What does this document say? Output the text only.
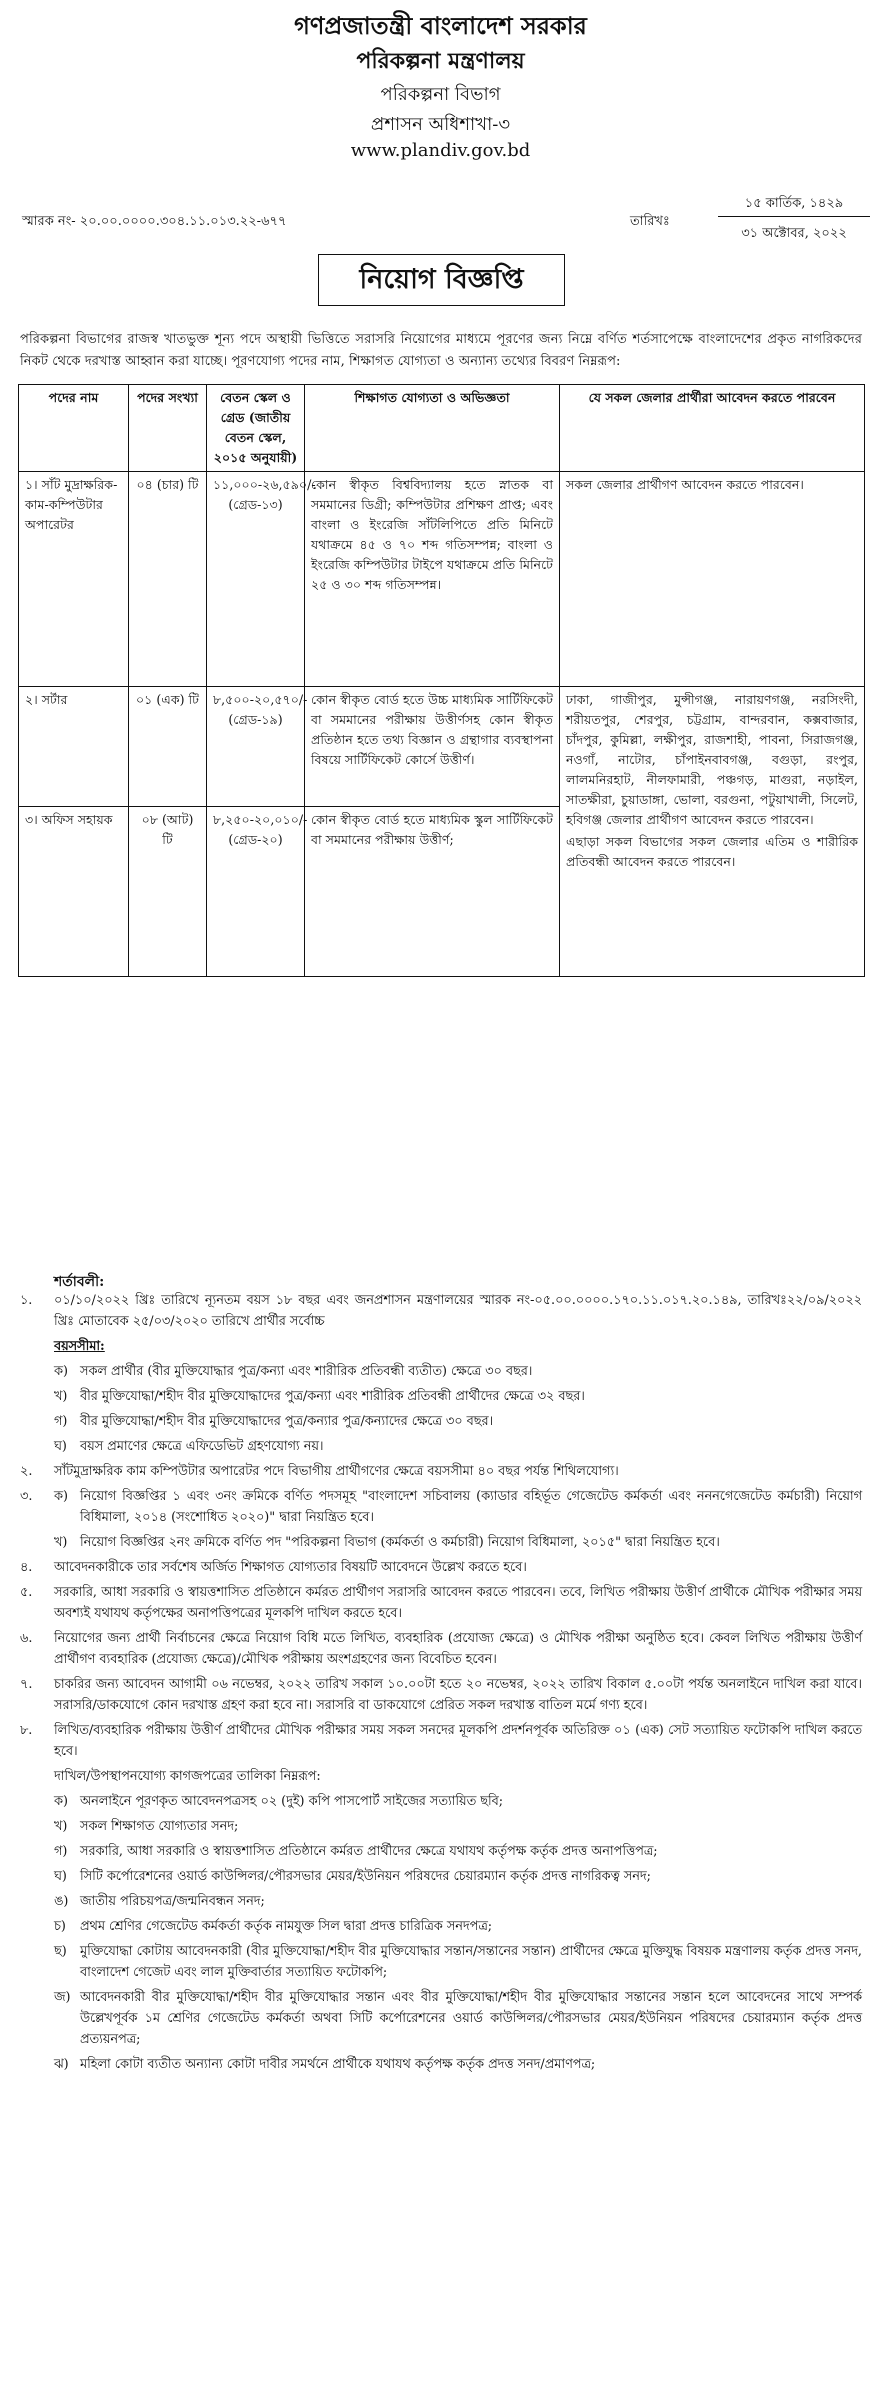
গণপ্রজাতন্ত্রী বাংলাদেশ সরকার

পরিকল্পনা মন্ত্রণালয়

পরিকল্পনা বিভাগ

প্রশাসন অধিশাখা-৩

www.plandiv.gov.bd

স্মারক নং- ২০.০০.০০০০.৩০৪.১১.০১৩.২২-৬৭৭	তারিখঃ
১৫ কার্তিক, ১৪২৯
৩১ অক্টোবর, ২০২২
নিয়োগ বিজ্ঞপ্তি

পরিকল্পনা বিভাগের রাজস্ব খাতভুক্ত শূন্য পদে অস্থায়ী ভিত্তিতে সরাসরি নিয়োগের মাধ্যমে পূরণের জন্য নিম্নে বর্ণিত শর্তসাপেক্ষে বাংলাদেশের প্রকৃত নাগরিকদের নিকট থেকে দরখাস্ত আহ্বান করা যাচ্ছে। পূরণযোগ্য পদের নাম, শিক্ষাগত যোগ্যতা ও অন্যান্য তথ্যের বিবরণ নিম্নরূপ:

পদের নাম	পদের সংখ্যা	বেতন স্কেল ও গ্রেড (জাতীয় বেতন স্কেল, ২০১৫ অনুযায়ী)	শিক্ষাগত যোগ্যতা ও অভিজ্ঞতা	যে সকল জেলার প্রার্থীরা আবেদন করতে পারবেন
১। সাঁট মুদ্রাক্ষরিক-কাম-কম্পিউটার অপারেটর	০৪ (চার) টি	১১,০০০-২৬,৫৯০/- (গ্রেড-১৩)	কোন স্বীকৃত বিশ্ববিদ্যালয় হতে স্নাতক বা সমমানের ডিগ্রী; কম্পিউটার প্রশিক্ষণ প্রাপ্ত; এবং বাংলা ও ইংরেজি সাঁটলিপিতে প্রতি মিনিটে যথাক্রমে ৪৫ ও ৭০ শব্দ গতিসম্পন্ন; বাংলা ও ইংরেজি কম্পিউটার টাইপে যথাক্রমে প্রতি মিনিটে ২৫ ও ৩০ শব্দ গতিসম্পন্ন।	সকল জেলার প্রার্থীগণ আবেদন করতে পারবেন।
২। সর্টার	০১ (এক) টি	৮,৫০০-২০,৫৭০/- (গ্রেড-১৯)	কোন স্বীকৃত বোর্ড হতে উচ্চ মাধ্যমিক সার্টিফিকেট বা সমমানের পরীক্ষায় উত্তীর্ণসহ কোন স্বীকৃত প্রতিষ্ঠান হতে তথ্য বিজ্ঞান ও গ্রন্থাগার ব্যবস্থাপনা বিষয়ে সার্টিফিকেট কোর্সে উত্তীর্ণ।	ঢাকা, গাজীপুর, মুন্সীগঞ্জ, নারায়ণগঞ্জ, নরসিংদী, শরীয়তপুর, শেরপুর, চট্টগ্রাম, বান্দরবান, কক্সবাজার, চাঁদপুর, কুমিল্লা, লক্ষীপুর, রাজশাহী, পাবনা, সিরাজগঞ্জ, নওগাঁ, নাটোর, চাঁপাইনবাবগঞ্জ, বগুড়া, রংপুর, লালমনিরহাট, নীলফামারী, পঞ্চগড়, মাগুরা, নড়াইল, সাতক্ষীরা, চুয়াডাঙ্গা, ভোলা, বরগুনা, পটুয়াখালী, সিলেট, হবিগঞ্জ জেলার প্রার্থীগণ আবেদন করতে পারবেন।
এছাড়া সকল বিভাগের সকল জেলার এতিম ও শারীরিক প্রতিবন্ধী আবেদন করতে পারবেন।

৩। অফিস সহায়ক	০৮ (আট) টি	৮,২৫০-২০,০১০/- (গ্রেড-২০)	কোন স্বীকৃত বোর্ড হতে মাধ্যমিক স্কুল সার্টিফিকেট বা সমমানের পরীক্ষায় উত্তীর্ণ;	
শর্তাবলী:
১.	০১/১০/২০২২ খ্রিঃ তারিখে ন্যূনতম বয়স ১৮ বছর এবং জনপ্রশাসন মন্ত্রণালয়ের স্মারক নং-০৫.০০.০০০০.১৭০.১১.০১৭.২০.১৪৯, তারিখঃ২২/০৯/২০২২ খ্রিঃ মোতাবেক ২৫/০৩/২০২০ তারিখে প্রার্থীর সর্বোচ্চ
বয়সসীমা:
ক) সকল প্রার্থীর (বীর মুক্তিযোদ্ধার পুত্র/কন্যা এবং শারীরিক প্রতিবন্ধী ব্যতীত) ক্ষেত্রে ৩০ বছর।
খ) বীর মুক্তিযোদ্ধা/শহীদ বীর মুক্তিযোদ্ধাদের পুত্র/কন্যা এবং শারীরিক প্রতিবন্ধী প্রার্থীদের ক্ষেত্রে ৩২ বছর।
গ) বীর মুক্তিযোদ্ধা/শহীদ বীর মুক্তিযোদ্ধাদের পুত্র/কন্যার পুত্র/কন্যাদের ক্ষেত্রে ৩০ বছর।
ঘ)	বয়স প্রমাণের ক্ষেত্রে এফিডেভিট গ্রহণযোগ্য নয়।
২.	সাঁটমুদ্রাক্ষরিক কাম কম্পিউটার অপারেটর পদে বিভাগীয় প্রার্থীগণের ক্ষেত্রে বয়সসীমা ৪০ বছর পর্যন্ত শিথিলযোগ্য।
৩.	ক) নিয়োগ বিজ্ঞপ্তির ১ এবং ৩নং ক্রমিকে বর্ণিত পদসমূহ "বাংলাদেশ সচিবালয় (ক্যাডার বহির্ভূত গেজেটেড কর্মকর্তা এবং নননগেজেটেড কর্মচারী) নিয়োগ বিধিমালা, ২০১৪ (সংশোধিত ২০২০)" দ্বারা নিয়ন্ত্রিত হবে।
খ) নিয়োগ বিজ্ঞপ্তির ২নং ক্রমিকে বর্ণিত পদ "পরিকল্পনা বিভাগ (কর্মকর্তা ও কর্মচারী) নিয়োগ বিধিমালা, ২০১৫" দ্বারা নিয়ন্ত্রিত হবে।
৪.	আবেদনকারীকে তার সর্বশেষ অর্জিত শিক্ষাগত যোগ্যতার বিষয়টি আবেদনে উল্লেখ করতে হবে।
৫.	সরকারি, আধা সরকারি ও স্বায়ত্তশাসিত প্রতিষ্ঠানে কর্মরত প্রার্থীগণ সরাসরি আবেদন করতে পারবেন। তবে, লিখিত পরীক্ষায় উত্তীর্ণ প্রার্থীকে মৌখিক পরীক্ষার সময় অবশ্যই যথাযথ কর্তৃপক্ষের অনাপত্তিপত্রের মূলকপি দাখিল করতে হবে।
৬.	নিয়োগের জন্য প্রার্থী নির্বাচনের ক্ষেত্রে নিয়োগ বিধি মতে লিখিত, ব্যবহারিক (প্রযোজ্য ক্ষেত্রে) ও মৌখিক পরীক্ষা অনুষ্ঠিত হবে। কেবল লিখিত পরীক্ষায় উত্তীর্ণ প্রার্থীগণ ব্যবহারিক (প্রযোজ্য ক্ষেত্রে)/মৌখিক পরীক্ষায় অংশগ্রহণের জন্য বিবেচিত হবেন।
৭.	চাকরির জন্য আবেদন আগামী ০৬ নভেম্বর, ২০২২ তারিখ সকাল ১০.০০টা হতে ২০ নভেম্বর, ২০২২ তারিখ বিকাল ৫.০০টা পর্যন্ত অনলাইনে দাখিল করা যাবে। সরাসরি/ডাকযোগে কোন দরখাস্ত গ্রহণ করা হবে না। সরাসরি বা ডাকযোগে প্রেরিত সকল দরখাস্ত বাতিল মর্মে গণ্য হবে।
৮.	লিখিত/ব্যবহারিক পরীক্ষায় উত্তীর্ণ প্রার্থীদের মৌখিক পরীক্ষার সময় সকল সনদের মূলকপি প্রদর্শনপূর্বক অতিরিক্ত ০১ (এক) সেট সত্যায়িত ফটোকপি দাখিল করতে হবে।
দাখিল/উপস্থাপনযোগ্য কাগজপত্রের তালিকা নিম্নরূপ:
ক) অনলাইনে পূরণকৃত আবেদনপত্রসহ ০২ (দুই) কপি পাসপোর্ট সাইজের সত্যায়িত ছবি;
খ) সকল শিক্ষাগত যোগ্যতার সনদ;
গ) সরকারি, আধা সরকারি ও স্বায়ত্তশাসিত প্রতিষ্ঠানে কর্মরত প্রার্থীদের ক্ষেত্রে যথাযথ কর্তৃপক্ষ কর্তৃক প্রদত্ত অনাপত্তিপত্র;
ঘ)	সিটি কর্পোরেশনের ওয়ার্ড কাউন্সিলর/পৌরসভার মেয়র/ইউনিয়ন পরিষদের চেয়ারম্যান কর্তৃক প্রদত্ত নাগরিকত্ব সনদ;
ঙ) জাতীয় পরিচয়পত্র/জন্মনিবন্ধন সনদ;
চ)	প্রথম শ্রেণির গেজেটেড কর্মকর্তা কর্তৃক নামযুক্ত সিল দ্বারা প্রদত্ত চারিত্রিক সনদপত্র;
ছ)	মুক্তিযোদ্ধা কোটায় আবেদনকারী (বীর মুক্তিযোদ্ধা/শহীদ বীর মুক্তিযোদ্ধার সন্তান/সন্তানের সন্তান) প্রার্থীদের ক্ষেত্রে মুক্তিযুদ্ধ বিষয়ক মন্ত্রণালয় কর্তৃক প্রদত্ত সনদ, বাংলাদেশ গেজেট এবং লাল মুক্তিবার্তার সত্যায়িত ফটোকপি;
জ) আবেদনকারী বীর মুক্তিযোদ্ধা/শহীদ বীর মুক্তিযোদ্ধার সন্তান এবং বীর মুক্তিযোদ্ধা/শহীদ বীর মুক্তিযোদ্ধার সন্তানের সন্তান হলে আবেদনের সাথে সম্পর্ক উল্লেখপূর্বক ১ম শ্রেণির গেজেটেড কর্মকর্তা অথবা সিটি কর্পোরেশনের ওয়ার্ড কাউন্সিলর/পৌরসভার মেয়র/ইউনিয়ন পরিষদের চেয়ারম্যান কর্তৃক প্রদত্ত প্রত্যয়নপত্র;
ঝ) মহিলা কোটা ব্যতীত অন্যান্য কোটা দাবীর সমর্থনে প্রার্থীকে যথাযথ কর্তৃপক্ষ কর্তৃক প্রদত্ত সনদ/প্রমাণপত্র;
